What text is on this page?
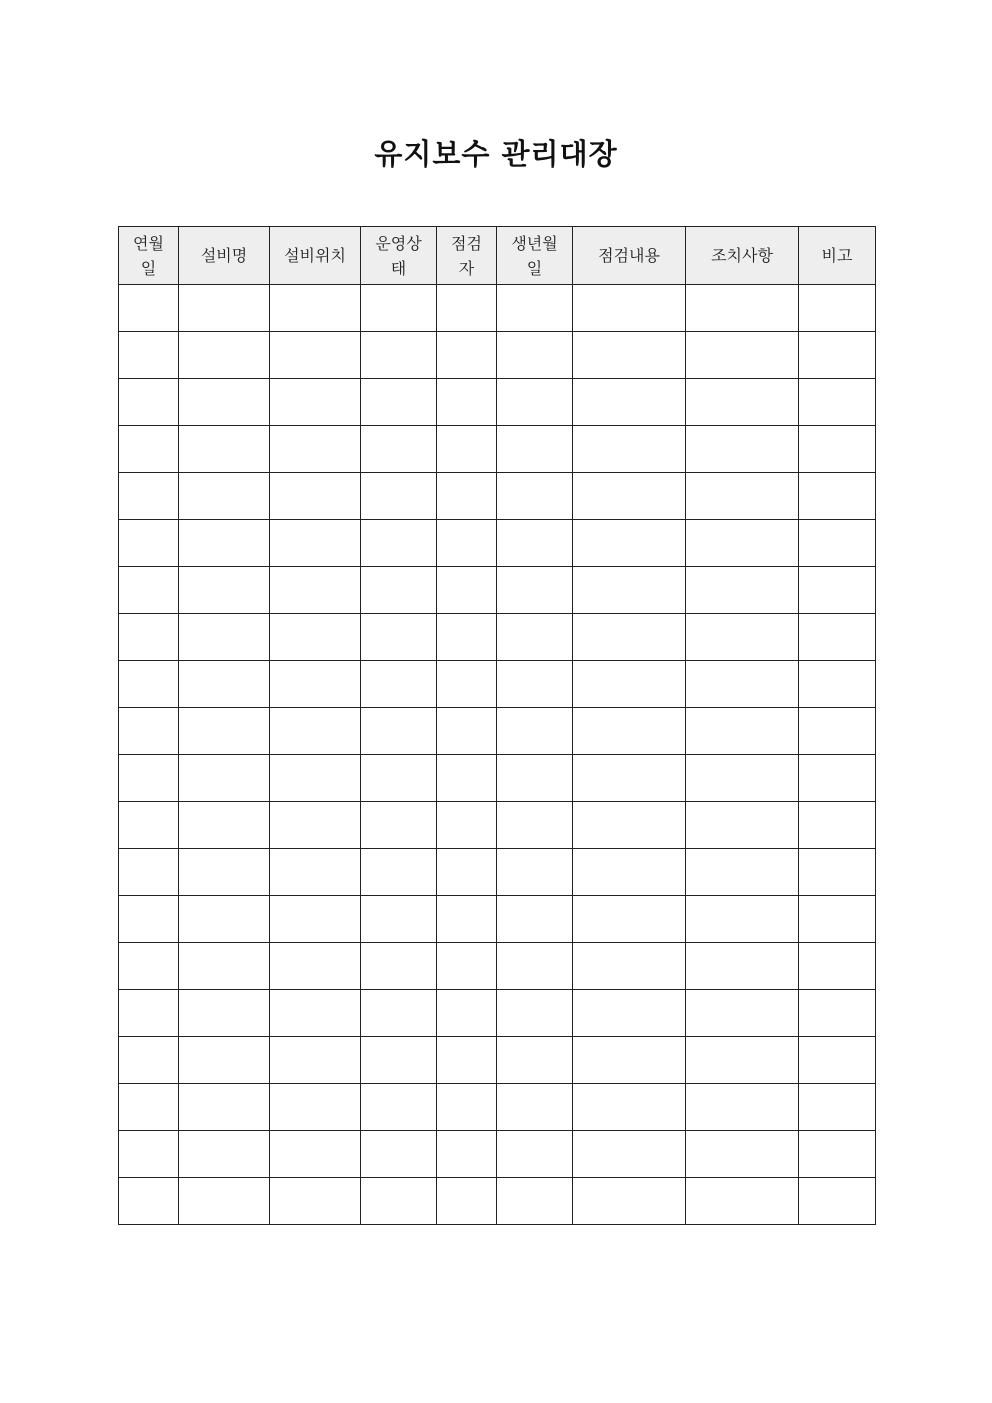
유지보수 관리대장
연월일	설비명	설비위치	운영상태	점검자	생년월일	점검내용	조치사항	비고
